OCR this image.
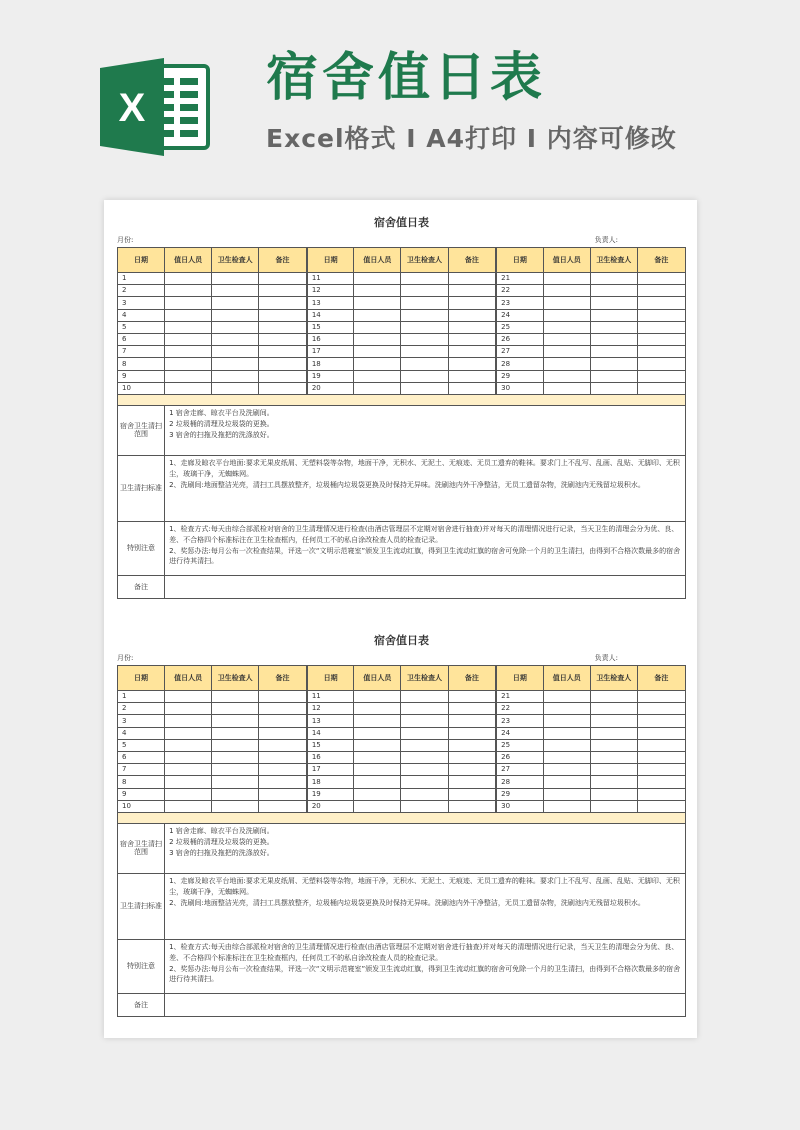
X 宿舍值日表
Excel格式 I A4打印 I 内容可修改
宿舍值日表
月份:	负责人:
日期	值日人员	卫生检查人	备注	日期	值日人员	卫生检查人	备注	日期	值日人员	卫生检查人	备注
1				11				21			
2				12				22			
3				13				23			
4				14				24			
5				15				25			
6				16				26			
7				17				27			
8				18				28			
9				19				29			
10				20				30			

宿舍卫生清扫范围	1 宿舍走廊、晾衣平台及洗刷间。
2 垃圾桶的清理及垃圾袋的更换。
3 宿舍的扫拖及拖把的洗涤放好。										

卫生清扫标准	1、走廊及晾衣平台地面:要求无果皮纸屑、无塑料袋等杂物，地面干净，无积水、无泥土、无痕迹、无员工遗弃的鞋袜。要求门上不乱写、乱画、乱贴、无脚印、无积尘，玻璃干净，无蜘蛛网。
2、洗刷间:地面整洁光亮，清扫工具摆放整齐，垃圾桶内垃圾袋更换及时保持无异味。洗刷池内外干净整洁，无员工遗留杂物，洗刷池内无残留垃圾积水。										

特别注意	1、检查方式:每天由综合部派检对宿舍的卫生清理情况进行检查(由酒店管理层不定期对宿舍进行抽查)并对每天的清理情况进行记录，当天卫生的清理会分为优、良、差、不合格四个标准标注在卫生检查框内，任何员工不的私自涂改检查人员的检查记录。
2、奖惩办法:每月公布一次检查结果，评选一次“文明示范寝室”颁发卫生流动红旗，得到卫生流动红旗的宿舍可免除一个月的卫生清扫，由得到不合格次数最多的宿舍进行待其清扫。										

备注											
宿舍值日表
月份:	负责人:
日期	值日人员	卫生检查人	备注	日期	值日人员	卫生检查人	备注	日期	值日人员	卫生检查人	备注
1				11				21			
2				12				22			
3				13				23			
4				14				24			
5				15				25			
6				16				26			
7				17				27			
8				18				28			
9				19				29			
10				20				30			

宿舍卫生清扫范围	1 宿舍走廊、晾衣平台及洗刷间。
2 垃圾桶的清理及垃圾袋的更换。
3 宿舍的扫拖及拖把的洗涤放好。										

卫生清扫标准	1、走廊及晾衣平台地面:要求无果皮纸屑、无塑料袋等杂物，地面干净，无积水、无泥土、无痕迹、无员工遗弃的鞋袜。要求门上不乱写、乱画、乱贴、无脚印、无积尘，玻璃干净，无蜘蛛网。
2、洗刷间:地面整洁光亮，清扫工具摆放整齐，垃圾桶内垃圾袋更换及时保持无异味。洗刷池内外干净整洁，无员工遗留杂物，洗刷池内无残留垃圾积水。										

特别注意	1、检查方式:每天由综合部派检对宿舍的卫生清理情况进行检查(由酒店管理层不定期对宿舍进行抽查)并对每天的清理情况进行记录，当天卫生的清理会分为优、良、差、不合格四个标准标注在卫生检查框内，任何员工不的私自涂改检查人员的检查记录。
2、奖惩办法:每月公布一次检查结果，评选一次“文明示范寝室”颁发卫生流动红旗，得到卫生流动红旗的宿舍可免除一个月的卫生清扫，由得到不合格次数最多的宿舍进行待其清扫。										

备注											
